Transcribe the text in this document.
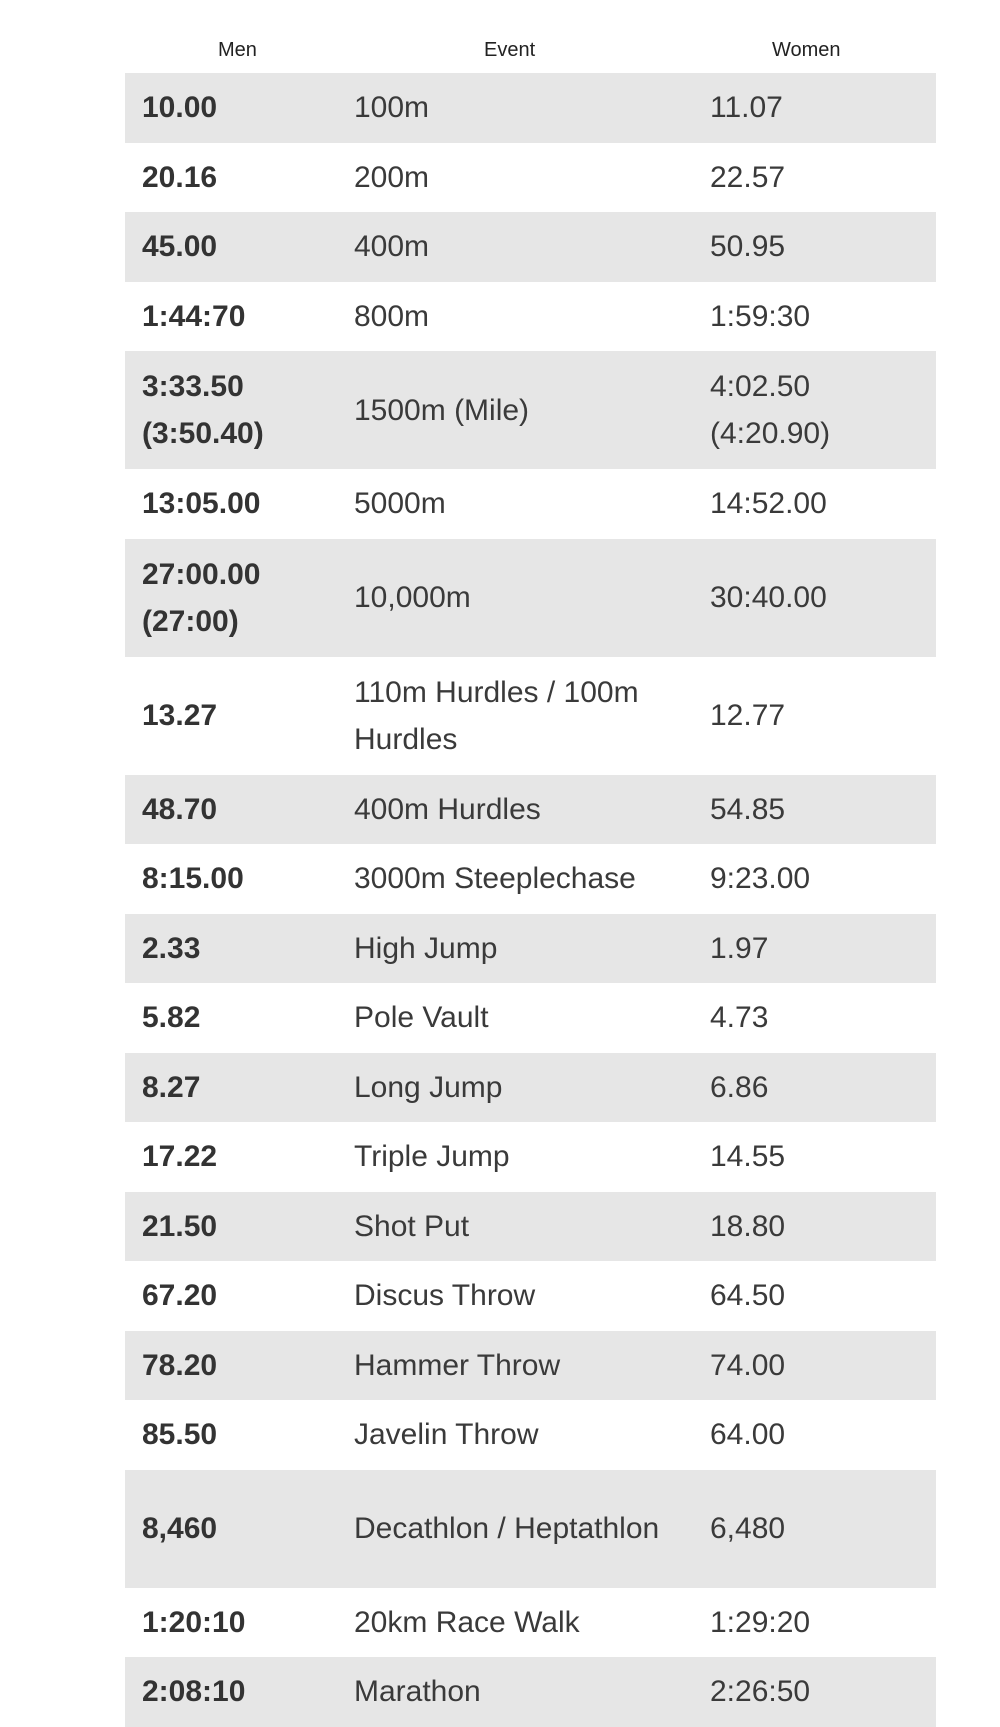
Men	Event	Women
10.00	100m	11.07
20.16	200m	22.57
45.00	400m	50.95
1:44:70	800m	1:59:30
3:33.50 (3:50.40)	1500m (Mile)	4:02.50 (4:20.90)
13:05.00	5000m	14:52.00
27:00.00 (27:00)	10,000m	30:40.00
13.27	110m Hurdles / 100m Hurdles	12.77
48.70	400m Hurdles	54.85
8:15.00	3000m Steeplechase	9:23.00
2.33	High Jump	1.97
5.82	Pole Vault	4.73
8.27	Long Jump	6.86
17.22	Triple Jump	14.55
21.50	Shot Put	18.80
67.20	Discus Throw	64.50
78.20	Hammer Throw	74.00
85.50	Javelin Throw	64.00
8,460	Decathlon / Heptathlon	6,480
1:20:10	20km Race Walk	1:29:20
2:08:10	Marathon	2:26:50
